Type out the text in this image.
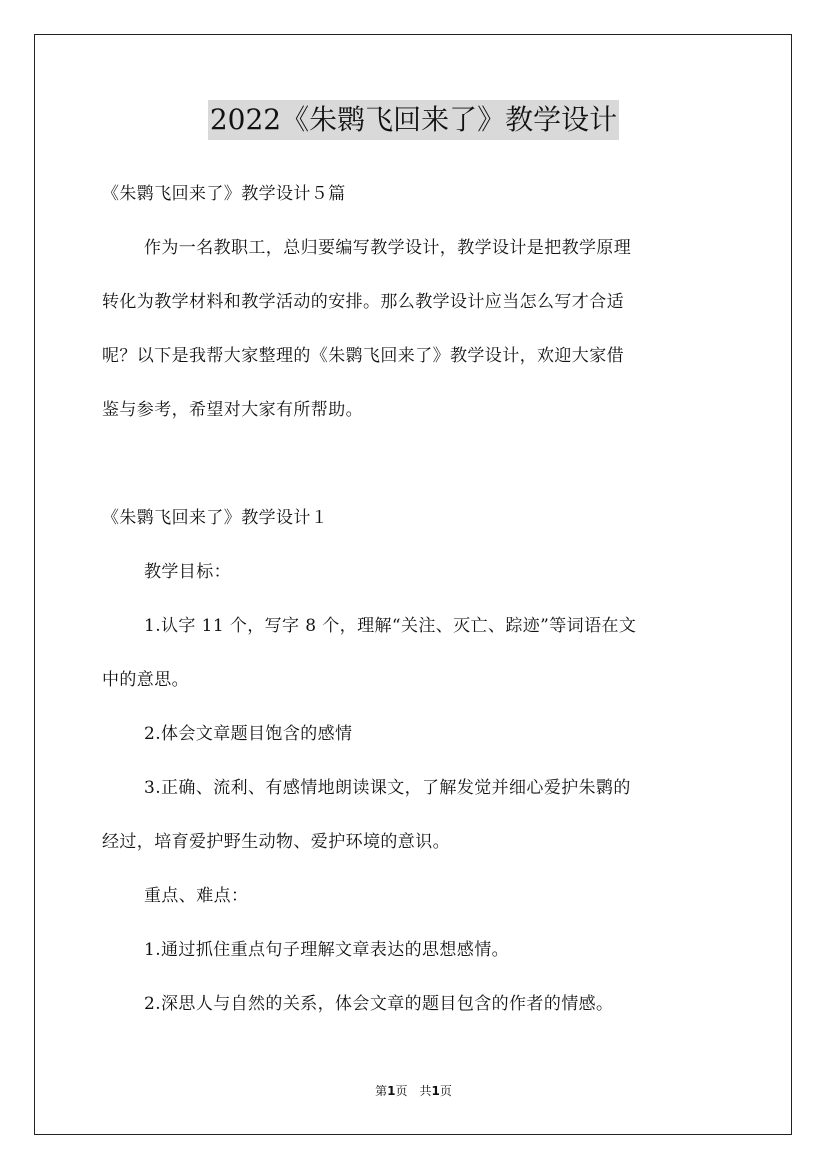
2022《朱鹮飞回来了》教学设计
《朱鹮飞回来了》教学设计５篇
作为一名教职工，总归要编写教学设计，教学设计是把教学原理
转化为教学材料和教学活动的安排。那么教学设计应当怎么写才合适
呢？以下是我帮大家整理的《朱鹮飞回来了》教学设计，欢迎大家借
鉴与参考，希望对大家有所帮助。
《朱鹮飞回来了》教学设计１
教学目标：
1.认字 11 个，写字 8 个，理解“关注、灭亡、踪迹”等词语在文
中的意思。
2.体会文章题目饱含的感情
3.正确、流利、有感情地朗读课文，了解发觉并细心爱护朱鹮的
经过，培育爱护野生动物、爱护环境的意识。
重点、难点：
1.通过抓住重点句子理解文章表达的思想感情。
2.深思人与自然的关系，体会文章的题目包含的作者的情感。
第1页　共1页
